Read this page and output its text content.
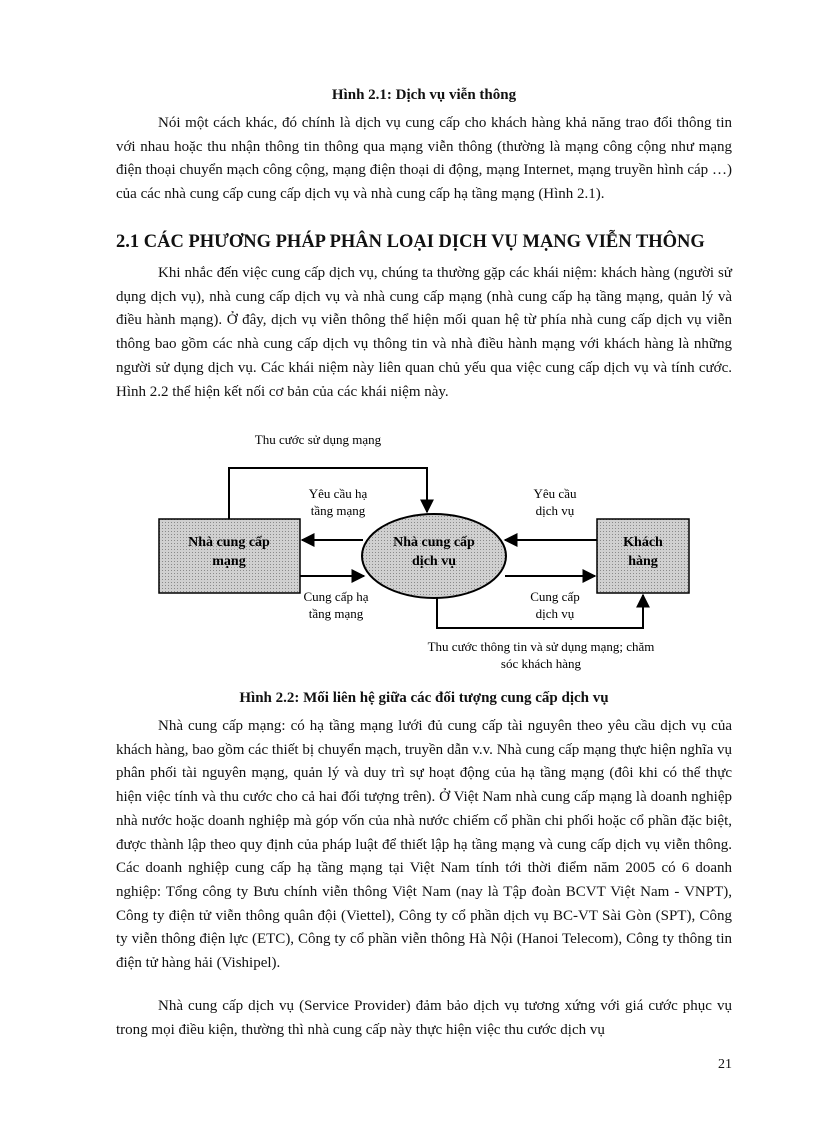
Hình 2.1: Dịch vụ viễn thông

Nói một cách khác, đó chính là dịch vụ cung cấp cho khách hàng khả năng trao đổi thông tin với nhau hoặc thu nhận thông tin thông qua mạng viễn thông (thường là mạng công cộng như mạng điện thoại chuyển mạch công cộng, mạng điện thoại di động, mạng Internet, mạng truyền hình cáp …) của các nhà cung cấp cung cấp dịch vụ và nhà cung cấp hạ tầng mạng (Hình 2.1).

2.1 CÁC PHƯƠNG PHÁP PHÂN LOẠI DỊCH VỤ MẠNG VIỄN THÔNG

Khi nhắc đến việc cung cấp dịch vụ, chúng ta thường gặp các khái niệm: khách hàng (người sử dụng dịch vụ), nhà cung cấp dịch vụ và nhà cung cấp mạng (nhà cung cấp hạ tầng mạng, quản lý và điều hành mạng). Ở đây, dịch vụ viễn thông thể hiện mối quan hệ từ phía nhà cung cấp dịch vụ viễn thông bao gồm các nhà cung cấp dịch vụ thông tin và nhà điều hành mạng với khách hàng là những người sử dụng dịch vụ. Các khái niệm này liên quan chủ yếu qua việc cung cấp dịch vụ và tính cước. Hình 2.2 thể hiện kết nối cơ bản của các khái niệm này.

Nhà cung cấp
mạng
Nhà cung cấp
dịch vụ
Khách
hàng
Thu cước sử dụng mạng
Yêu cầu hạ
tầng mạng
Yêu cầu
dịch vụ
Cung cấp hạ
tầng mạng
Cung cấp
dịch vụ
Thu cước thông tin và sử dụng mạng; chăm
sóc khách hàng

Hình 2.2: Mối liên hệ giữa các đối tượng cung cấp dịch vụ

Nhà cung cấp mạng: có hạ tầng mạng lưới đủ cung cấp tài nguyên theo yêu cầu dịch vụ của khách hàng, bao gồm các thiết bị chuyển mạch, truyền dẫn v.v. Nhà cung cấp mạng thực hiện nghĩa vụ phân phối tài nguyên mạng, quản lý và duy trì sự hoạt động của hạ tầng mạng (đôi khi có thể thực hiện việc tính và thu cước cho cả hai đối tượng trên). Ở Việt Nam nhà cung cấp mạng là doanh nghiệp nhà nước hoặc doanh nghiệp mà góp vốn của nhà nước chiếm cổ phần chi phối hoặc cổ phần đặc biệt, được thành lập theo quy định của pháp luật để thiết lập hạ tầng mạng và cung cấp dịch vụ viễn thông. Các doanh nghiệp cung cấp hạ tầng mạng tại Việt Nam tính tới thời điểm năm 2005 có 6 doanh nghiệp: Tổng công ty Bưu chính viễn thông Việt Nam (nay là Tập đoàn BCVT Việt Nam - VNPT), Công ty điện tử viễn thông quân đội (Viettel), Công ty cổ phần dịch vụ BC-VT Sài Gòn (SPT), Công ty viễn thông điện lực (ETC), Công ty cổ phần viễn thông Hà Nội (Hanoi Telecom), Công ty thông tin điện tử hàng hải (Vishipel).

Nhà cung cấp dịch vụ (Service Provider) đảm bảo dịch vụ tương xứng với giá cước phục vụ trong mọi điều kiện, thường thì nhà cung cấp này thực hiện việc thu cước dịch vụ

21
